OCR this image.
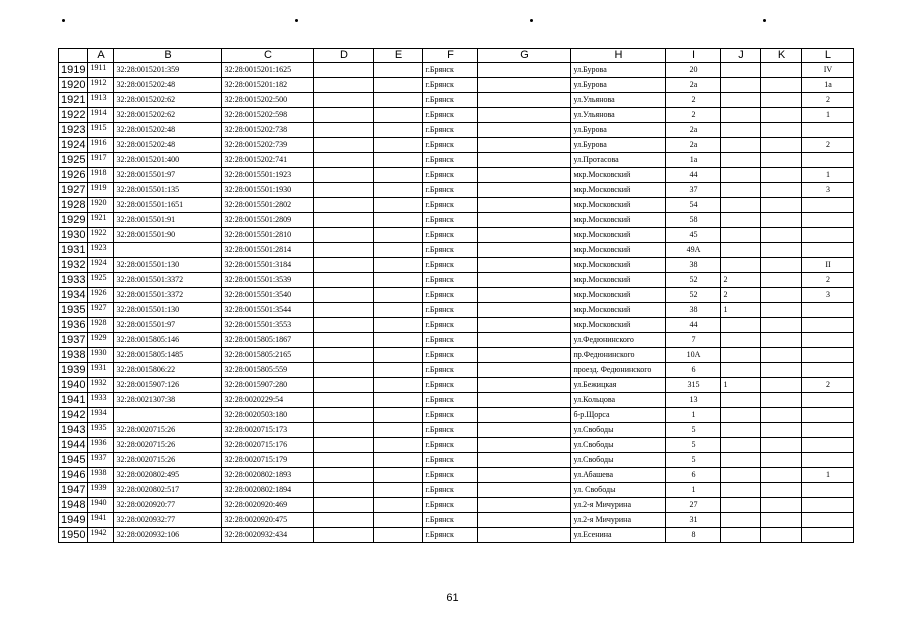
	A	B	C	D	E	F	G	H	I	J	K	L
1919	1911	32:28:0015201:359	32:28:0015201:1625			г.Брянск		ул.Бурова	20			IV
1920	1912	32:28:0015202:48	32:28:0015201:182			г.Брянск		ул.Бурова	2а			1а
1921	1913	32:28:0015202:62	32:28:0015202:500			г.Брянск		ул.Ульянова	2			2
1922	1914	32:28:0015202:62	32:28:0015202:598			г.Брянск		ул.Ульянова	2			1
1923	1915	32:28:0015202:48	32:28:0015202:738			г.Брянск		ул.Бурова	2а			
1924	1916	32:28:0015202:48	32:28:0015202:739			г.Брянск		ул.Бурова	2а			2
1925	1917	32:28:0015201:400	32:28:0015202:741			г.Брянск		ул.Протасова	1а			
1926	1918	32:28:0015501:97	32:28:0015501:1923			г.Брянск		мкр.Московский	44			1
1927	1919	32:28:0015501:135	32:28:0015501:1930			г.Брянск		мкр.Московский	37			3
1928	1920	32:28:0015501:1651	32:28:0015501:2802			г.Брянск		мкр.Московский	54			
1929	1921	32:28:0015501:91	32:28:0015501:2809			г.Брянск		мкр.Московский	58			
1930	1922	32:28:0015501:90	32:28:0015501:2810			г.Брянск		мкр.Московский	45			
1931	1923		32:28:0015501:2814			г.Брянск		мкр.Московский	49А			
1932	1924	32:28:0015501:130	32:28:0015501:3184			г.Брянск		мкр.Московский	38			II
1933	1925	32:28:0015501:3372	32:28:0015501:3539			г.Брянск		мкр.Московский	52	2		2
1934	1926	32:28:0015501:3372	32:28:0015501:3540			г.Брянск		мкр.Московский	52	2		3
1935	1927	32:28:0015501:130	32:28:0015501:3544			г.Брянск		мкр.Московский	38	1		
1936	1928	32:28:0015501:97	32:28:0015501:3553			г.Брянск		мкр.Московский	44			
1937	1929	32:28:0015805:146	32:28:0015805:1867			г.Брянск		ул.Федюнинского	7			
1938	1930	32:28:0015805:1485	32:28:0015805:2165			г.Брянск		пр.Федюнинского	10А			
1939	1931	32:28:0015806:22	32:28:0015805:559			г.Брянск		проезд. Федюнинского	6			
1940	1932	32:28:0015907:126	32:28:0015907:280			г.Брянск		ул.Бежицкая	315	1		2
1941	1933	32:28:0021307:38	32:28:0020229:54			г.Брянск		ул.Кольцова	13			
1942	1934		32:28:0020503:180			г.Брянск		б-р.Щорса	1			
1943	1935	32:28:0020715:26	32:28:0020715:173			г.Брянск		ул.Свободы	5			
1944	1936	32:28:0020715:26	32:28:0020715:176			г.Брянск		ул.Свободы	5			
1945	1937	32:28:0020715:26	32:28:0020715:179			г.Брянск		ул.Свободы	5			
1946	1938	32:28:0020802:495	32:28:0020802:1893			г.Брянск		ул.Абашева	6			1
1947	1939	32:28:0020802:517	32:28:0020802:1894			г.Брянск		ул. Свободы	1			
1948	1940	32:28:0020920:77	32:28:0020920:469			г.Брянск		ул.2-я Мичурина	27			
1949	1941	32:28:0020932:77	32:28:0020920:475			г.Брянск		ул.2-я Мичурина	31			
1950	1942	32:28:0020932:106	32:28:0020932:434			г.Брянск		ул.Есенина	8			
61
